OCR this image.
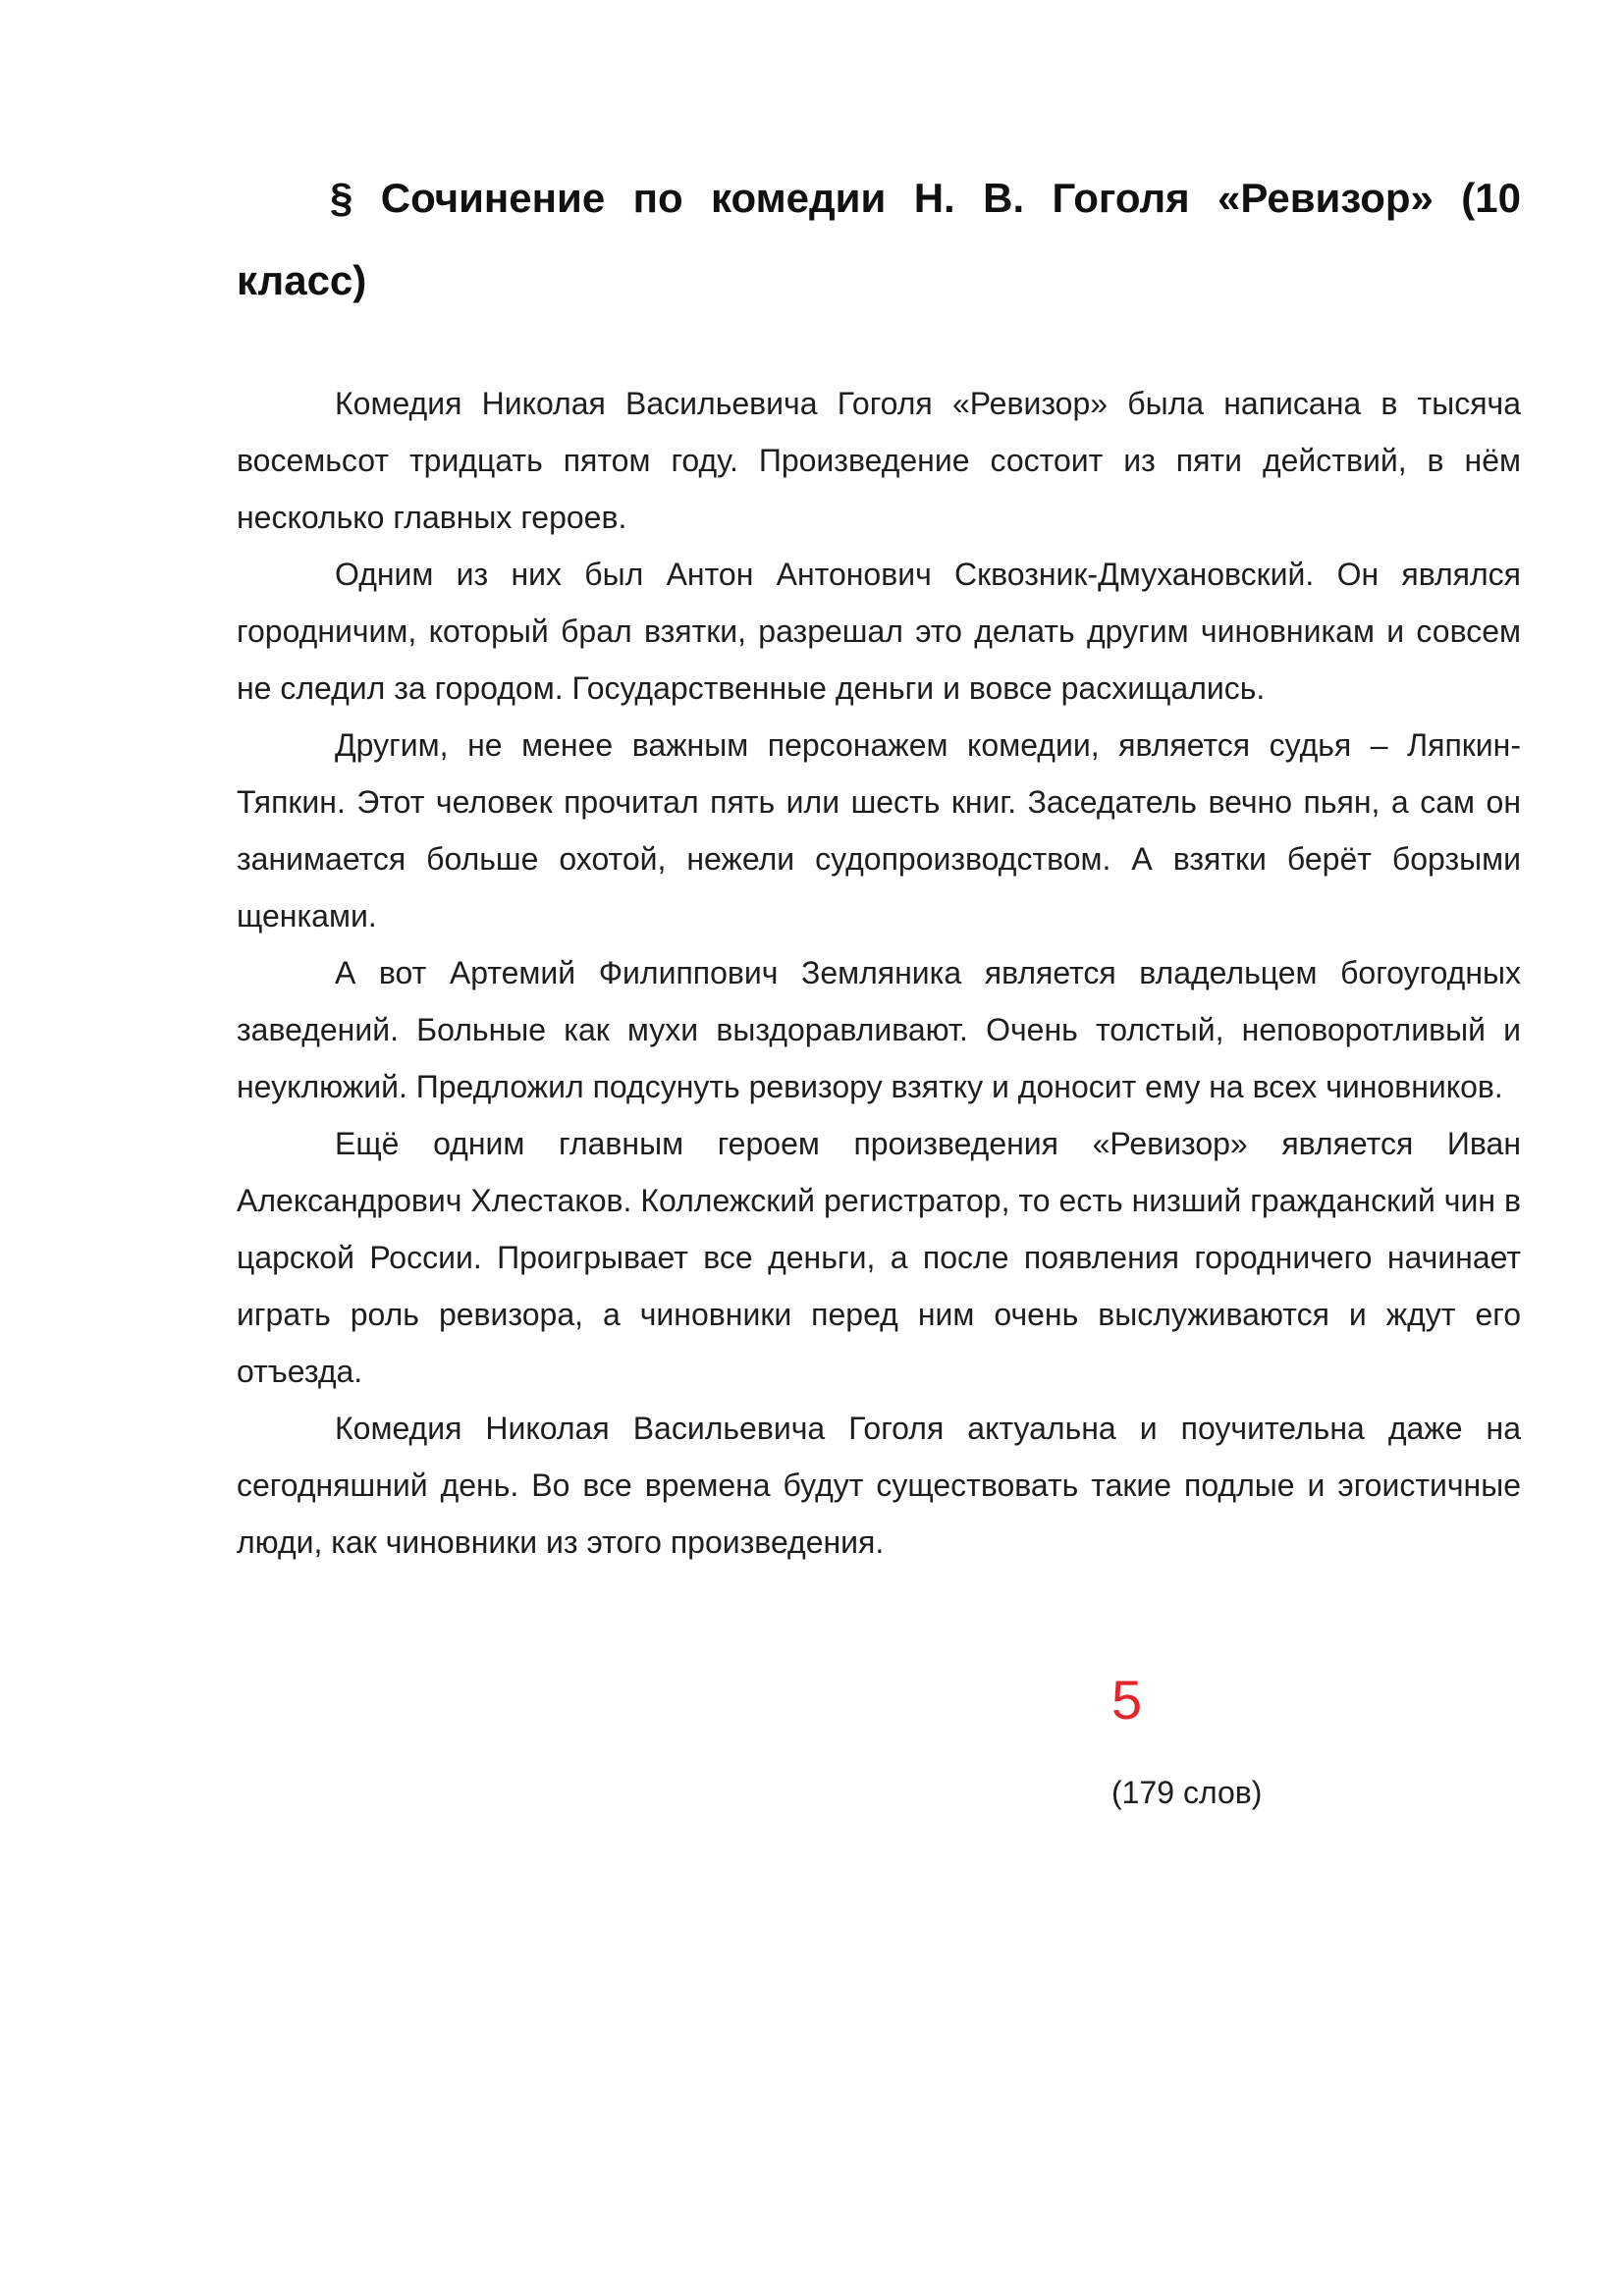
§ Сочинение по комедии Н. В. Гоголя «Ревизор» (10 класс)

Комедия Николая Васильевича Гоголя «Ревизор» была написана в тысяча восемьсот тридцать пятом году. Произведение состоит из пяти действий, в нём несколько главных героев.

Одним из них был Антон Антонович Сквозник-Дмухановский. Он являлся городничим, который брал взятки, разрешал это делать другим чиновникам и совсем не следил за городом. Государственные деньги и вовсе расхищались.

Другим, не менее важным персонажем комедии, является судья – Ляпкин-Тяпкин. Этот человек прочитал пять или шесть книг. Заседатель вечно пьян, а сам он занимается больше охотой, нежели судопроизводством. А взятки берёт борзыми щенками.

А вот Артемий Филиппович Земляника является владельцем богоугодных заведений. Больные как мухи выздоравливают. Очень толстый, неповоротливый и неуклюжий. Предложил подсунуть ревизору взятку и доносит ему на всех чиновников.

Ещё одним главным героем произведения «Ревизор» является Иван Александрович Хлестаков. Коллежский регистратор, то есть низший гражданский чин в царской России. Проигрывает все деньги, а после появления городничего начинает играть роль ревизора, а чиновники перед ним очень выслуживаются и ждут его отъезда.

Комедия Николая Васильевича Гоголя актуальна и поучительна даже на сегодняшний день. Во все времена будут существовать такие подлые и эгоистичные люди, как чиновники из этого произведения.

5
(179 слов)
